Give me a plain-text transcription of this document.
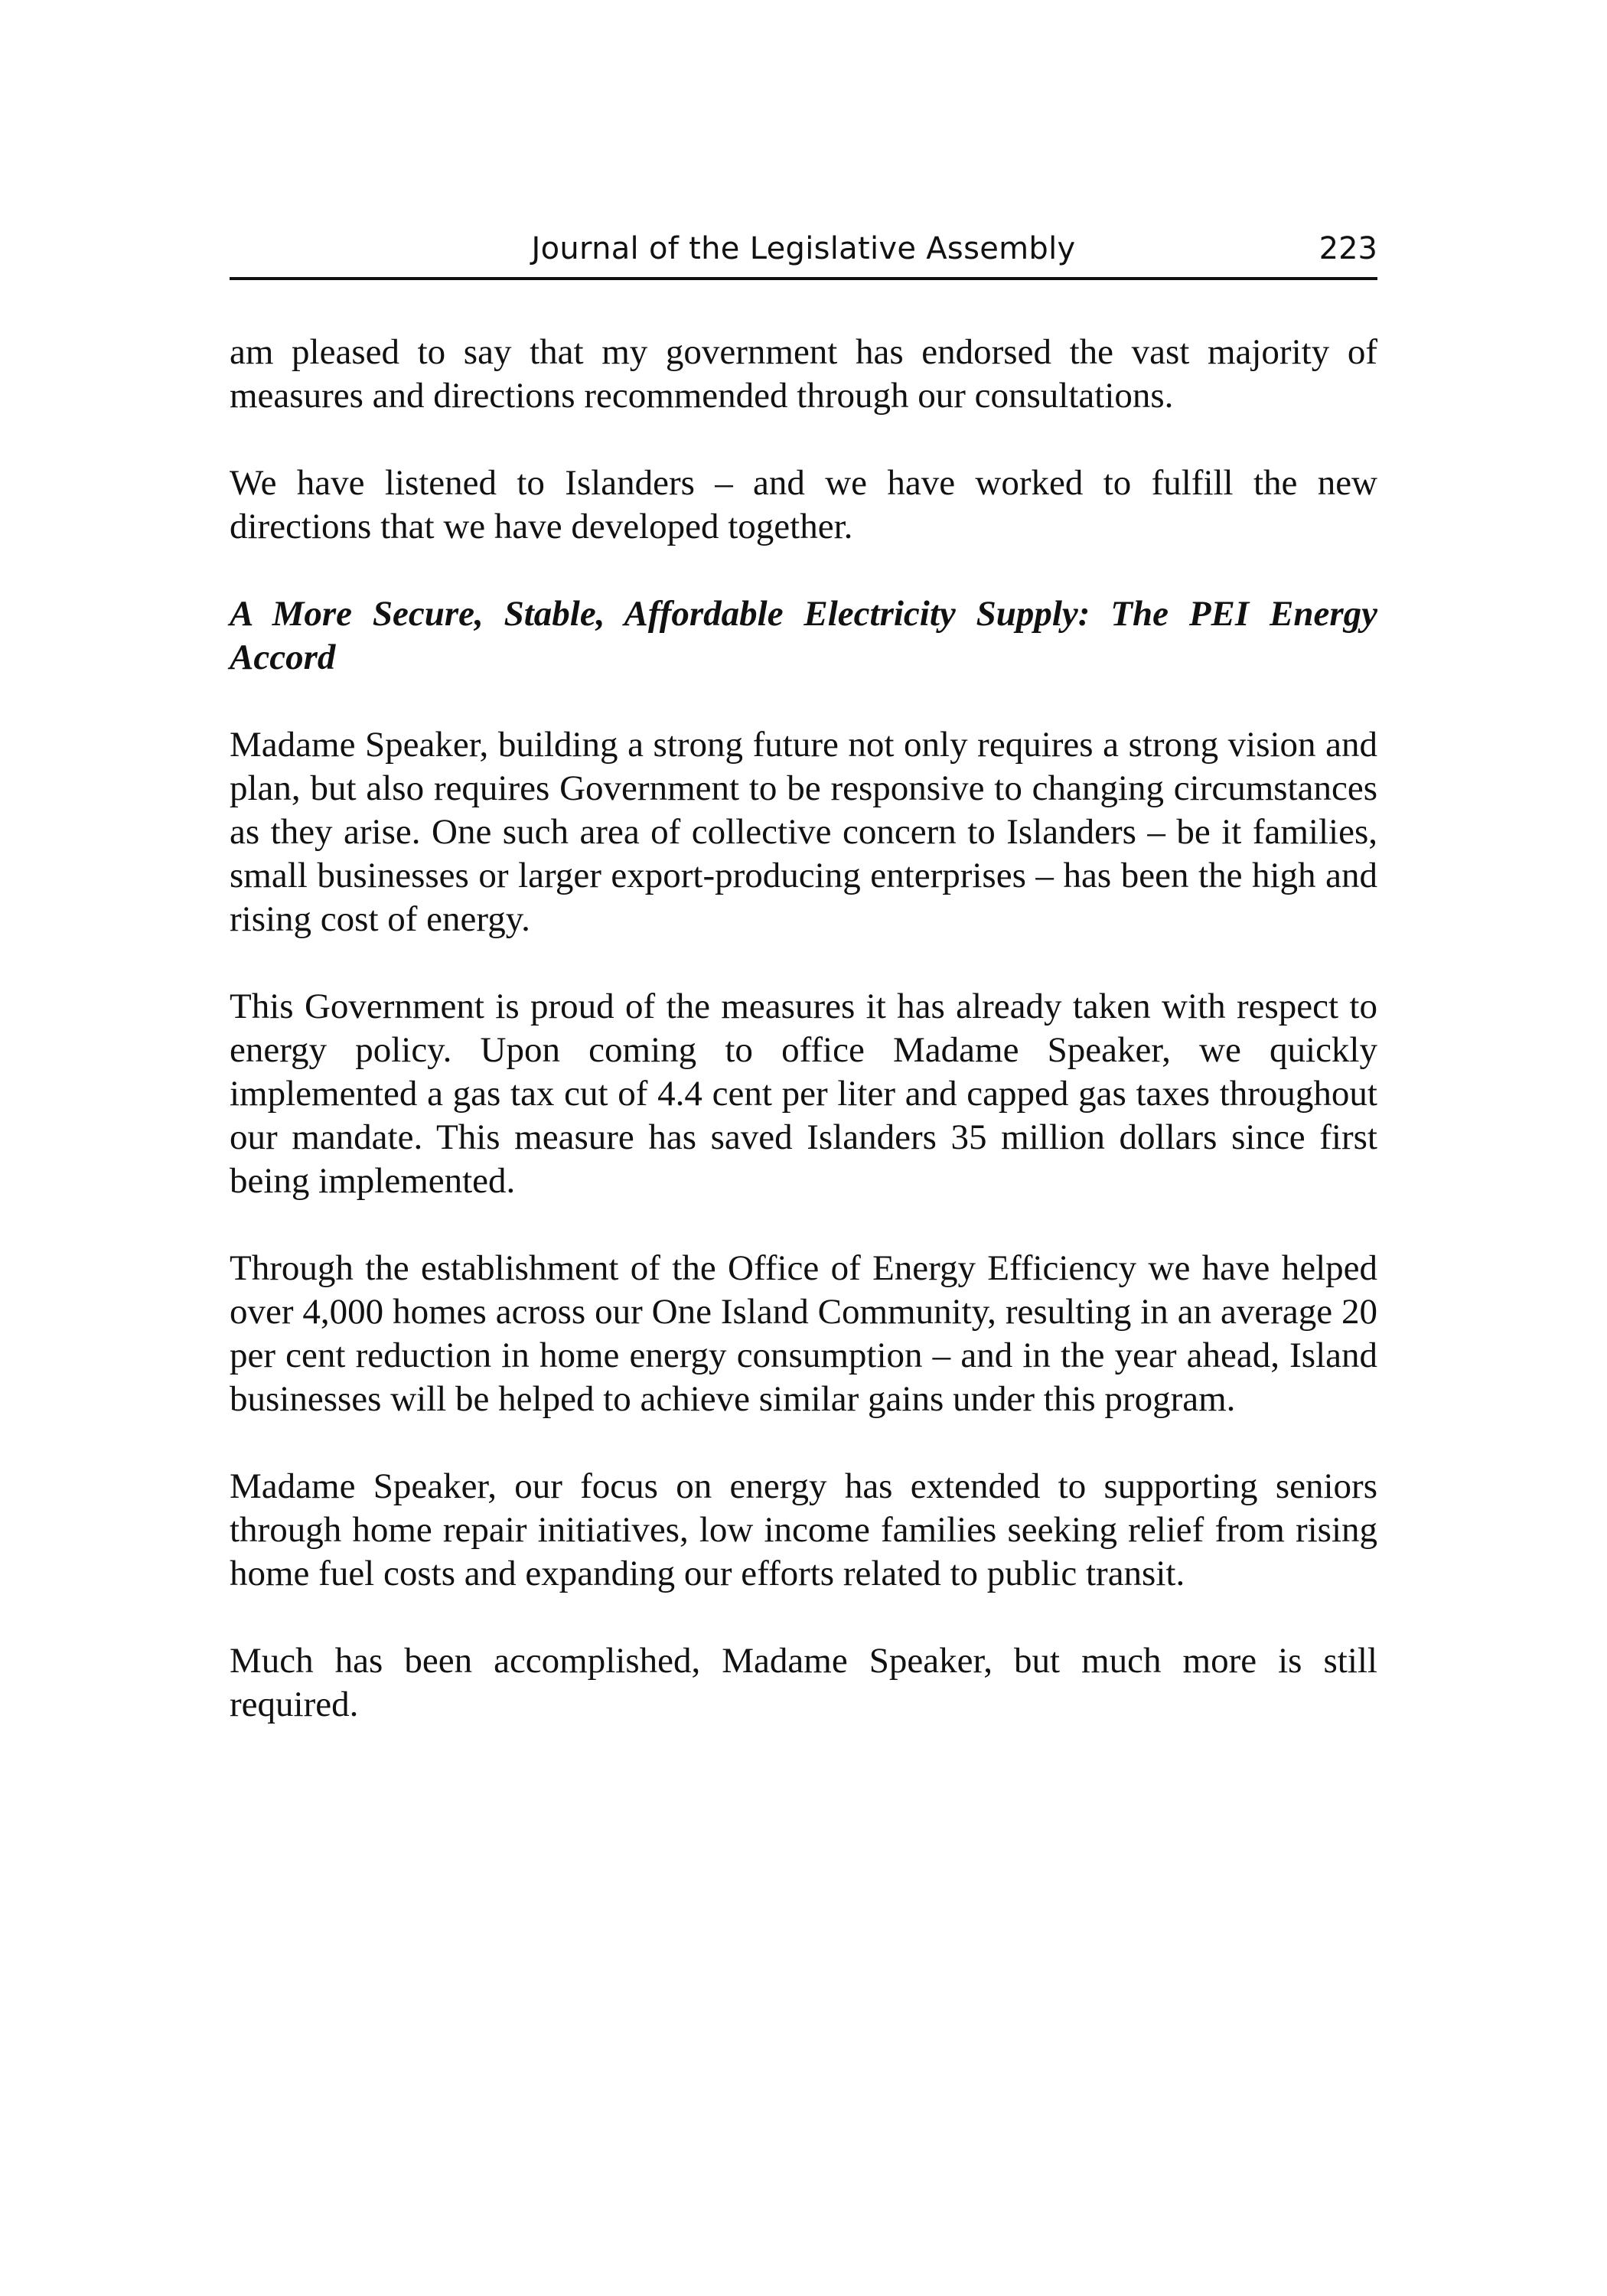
Journal of the Legislative Assembly	223

am pleased to say that my government has endorsed the vast majority of measures and directions recommended through our consultations.

We have listened to Islanders – and we have worked to fulfill the new directions that we have developed together.

A More Secure, Stable, Affordable Electricity Supply: The PEI Energy Accord

Madame Speaker, building a strong future not only requires a strong vision and plan, but also requires Government to be responsive to changing circumstances as they arise. One such area of collective concern to Islanders – be it families, small businesses or larger export-producing enterprises – has been the high and rising cost of energy.

This Government is proud of the measures it has already taken with respect to energy policy. Upon coming to office Madame Speaker, we quickly implemented a gas tax cut of 4.4 cent per liter and capped gas taxes throughout our mandate. This measure has saved Islanders 35 million dollars since first being implemented.

Through the establishment of the Office of Energy Efficiency we have helped over 4,000 homes across our One Island Community, resulting in an average 20 per cent reduction in home energy consumption – and in the year ahead, Island businesses will be helped to achieve similar gains under this program.

Madame Speaker, our focus on energy has extended to supporting seniors through home repair initiatives, low income families seeking relief from rising home fuel costs and expanding our efforts related to public transit.

Much has been accomplished, Madame Speaker, but much more is still required.
